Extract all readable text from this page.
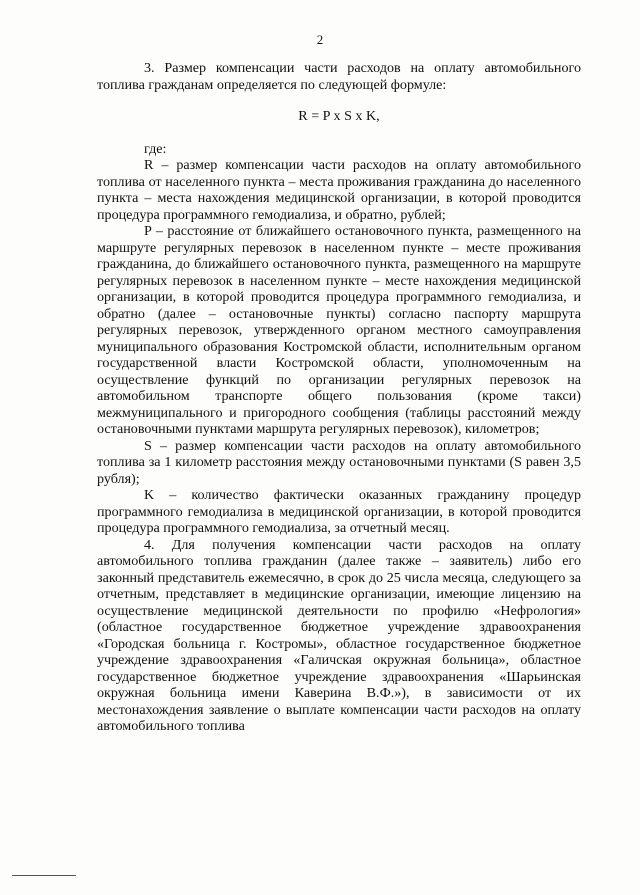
2

3. Размер компенсации части расходов на оплату автомобильного топлива гражданам определяется по следующей формуле:

R = P x S x K,

где:

R – размер компенсации части расходов на оплату автомобильного топлива от населенного пункта – места проживания гражданина до населенного пункта – места нахождения медицинской организации, в которой проводится процедура программного гемодиализа, и обратно, рублей;

P – расстояние от ближайшего остановочного пункта, размещенного на маршруте регулярных перевозок в населенном пункте – месте проживания гражданина, до ближайшего остановочного пункта, размещенного на маршруте регулярных перевозок в населенном пункте – месте нахождения медицинской организации, в которой проводится процедура программного гемодиализа, и обратно (далее – остановочные пункты) согласно паспорту маршрута регулярных перевозок, утвержденного органом местного самоуправления муниципального образования Костромской области, исполнительным органом государственной власти Костромской области, уполномоченным на осуществление функций по организации регулярных перевозок на автомобильном транспорте общего пользования (кроме такси) межмуниципального и пригородного сообщения (таблицы расстояний между остановочными пунктами маршрута регулярных перевозок), километров;

S – размер компенсации части расходов на оплату автомобильного топлива за 1 километр расстояния между остановочными пунктами (S равен 3,5 рубля);

K – количество фактически оказанных гражданину процедур программного гемодиализа в медицинской организации, в которой проводится процедура программного гемодиализа, за отчетный месяц.

4. Для получения компенсации части расходов на оплату автомобильного топлива гражданин (далее также – заявитель) либо его законный представитель ежемесячно, в срок до 25 числа месяца, следующего за отчетным, представляет в медицинские организации, имеющие лицензию на осуществление медицинской деятельности по профилю «Нефрология» (областное государственное бюджетное учреждение здравоохранения «Городская больница г. Костромы», областное государственное бюджетное учреждение здравоохранения «Галичская окружная больница», областное государственное бюджетное учреждение здравоохранения «Шарьинская окружная больница имени Каверина В.Ф.»), в зависимости от их местонахождения заявление о выплате компенсации части расходов на оплату автомобильного топлива
